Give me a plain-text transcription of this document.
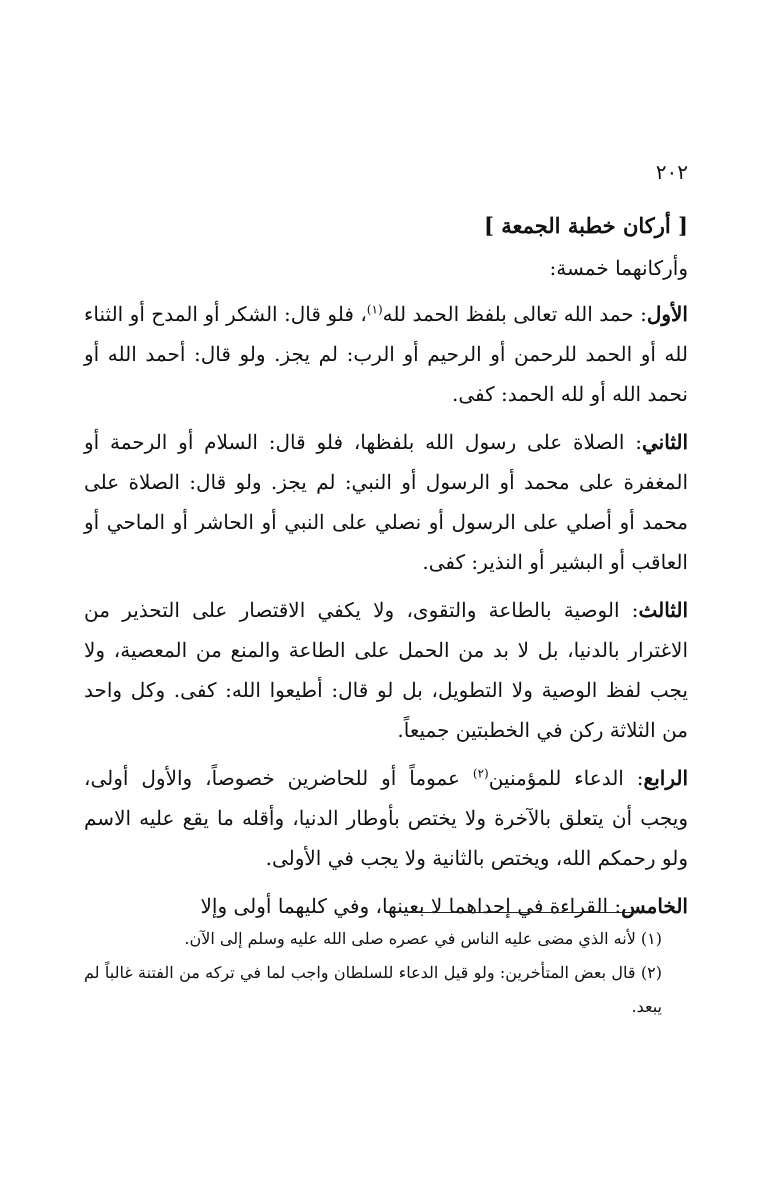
٢٠٢
[ أركان خطبة الجمعة ]
وأركانهما خمسة:

الأول: حمد الله تعالى بلفظ الحمد لله$^{(١)}$، فلو قال: الشكر أو المدح أو الثناء لله أو الحمد للرحمن أو الرحيم أو الرب: لم يجز. ولو قال: أحمد الله أو نحمد الله أو لله الحمد: كفى.

الثاني: الصلاة على رسول الله بلفظها، فلو قال: السلام أو الرحمة أو المغفرة على محمد أو الرسول أو النبي: لم يجز. ولو قال: الصلاة على محمد أو أصلي على الرسول أو نصلي على النبي أو الحاشر أو الماحي أو العاقب أو البشير أو النذير: كفى.

الثالث: الوصية بالطاعة والتقوى، ولا يكفي الاقتصار على التحذير من الاغترار بالدنيا، بل لا بد من الحمل على الطاعة والمنع من المعصية، ولا يجب لفظ الوصية ولا التطويل، بل لو قال: أطيعوا الله: كفى. وكل واحد من الثلاثة ركن في الخطبتين جميعاً.

الرابع: الدعاء للمؤمنين$^{(٢)}$ عموماً أو للحاضرين خصوصاً، والأول أولى، ويجب أن يتعلق بالآخرة ولا يختص بأوطار الدنيا، وأقله ما يقع عليه الاسم ولو رحمكم الله، ويختص بالثانية ولا يجب في الأولى.

الخامس: القراءة في إحداهما لا بعينها، وفي كليهما أولى وإلا

(١) لأنه الذي مضى عليه الناس في عصره صلى الله عليه وسلم إلى الآن.

(٢) قال بعض المتأخرين: ولو قيل الدعاء للسلطان واجب لما في تركه من الفتنة غالباً لم يبعد.
